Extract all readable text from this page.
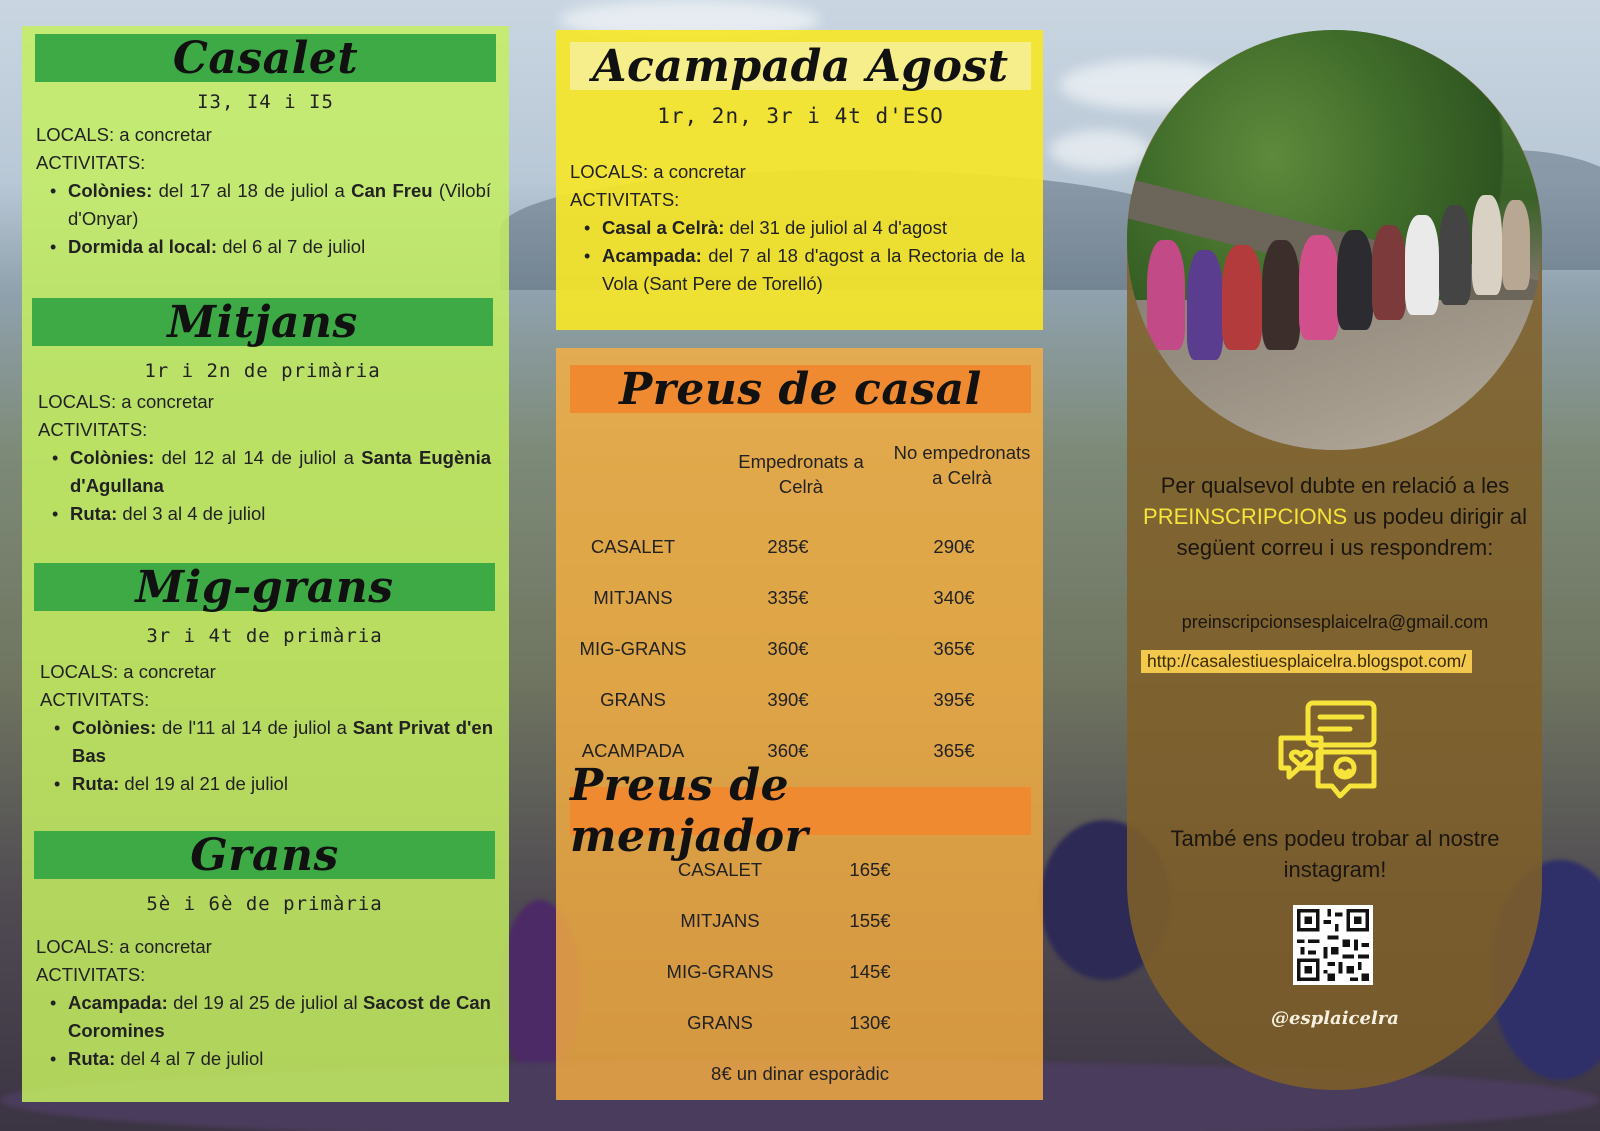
Casalet
I3, I4 i I5
LOCALS: a concretar
ACTIVITATS:
• Colònies: del 17 al 18 de juliol a Can Freu (Vilobí d'Onyar)
• Dormida al local: del 6 al 7 de juliol
Mitjans
1r i 2n de primària
LOCALS: a concretar
ACTIVITATS:
• Colònies: del 12 al 14 de juliol a Santa Eugènia d'Agullana
• Ruta: del 3 al 4 de juliol
Mig-grans
3r i 4t de primària
LOCALS: a concretar
ACTIVITATS:
• Colònies: de l'11 al 14 de juliol a Sant Privat d'en Bas
• Ruta: del 19 al 21 de juliol
Grans
5è i 6è de primària
LOCALS: a concretar
ACTIVITATS:
• Acampada: del 19 al 25 de juliol al Sacost de Can Coromines
• Ruta: del 4 al 7 de juliol
Acampada Agost
1r, 2n, 3r i 4t d'ESO
LOCALS: a concretar
ACTIVITATS:
• Casal a Celrà: del 31 de juliol al 4 d'agost
• Acampada: del 7 al 18 d'agost a la Rectoria de la Vola (Sant Pere de Torelló)
Preus de casal
Empedronats a Celrà
No empedronats a Celrà
CASALET	285€	290€
MITJANS	335€	340€
MIG-GRANS	360€	365€
GRANS	390€	395€
ACAMPADA	360€	365€
CASALET	165€
MITJANS	155€
MIG-GRANS	145€
GRANS	130€
8€ un dinar esporàdic
Per qualsevol dubte en relació a les PREINSCRIPCIONS us podeu dirigir al següent correu i us respondrem:
preinscripcionsesplaicelra@gmail.com
http://casalestiuesplaicelra.blogspot.com/
També ens podeu trobar al nostre instagram!
@esplaicelra
